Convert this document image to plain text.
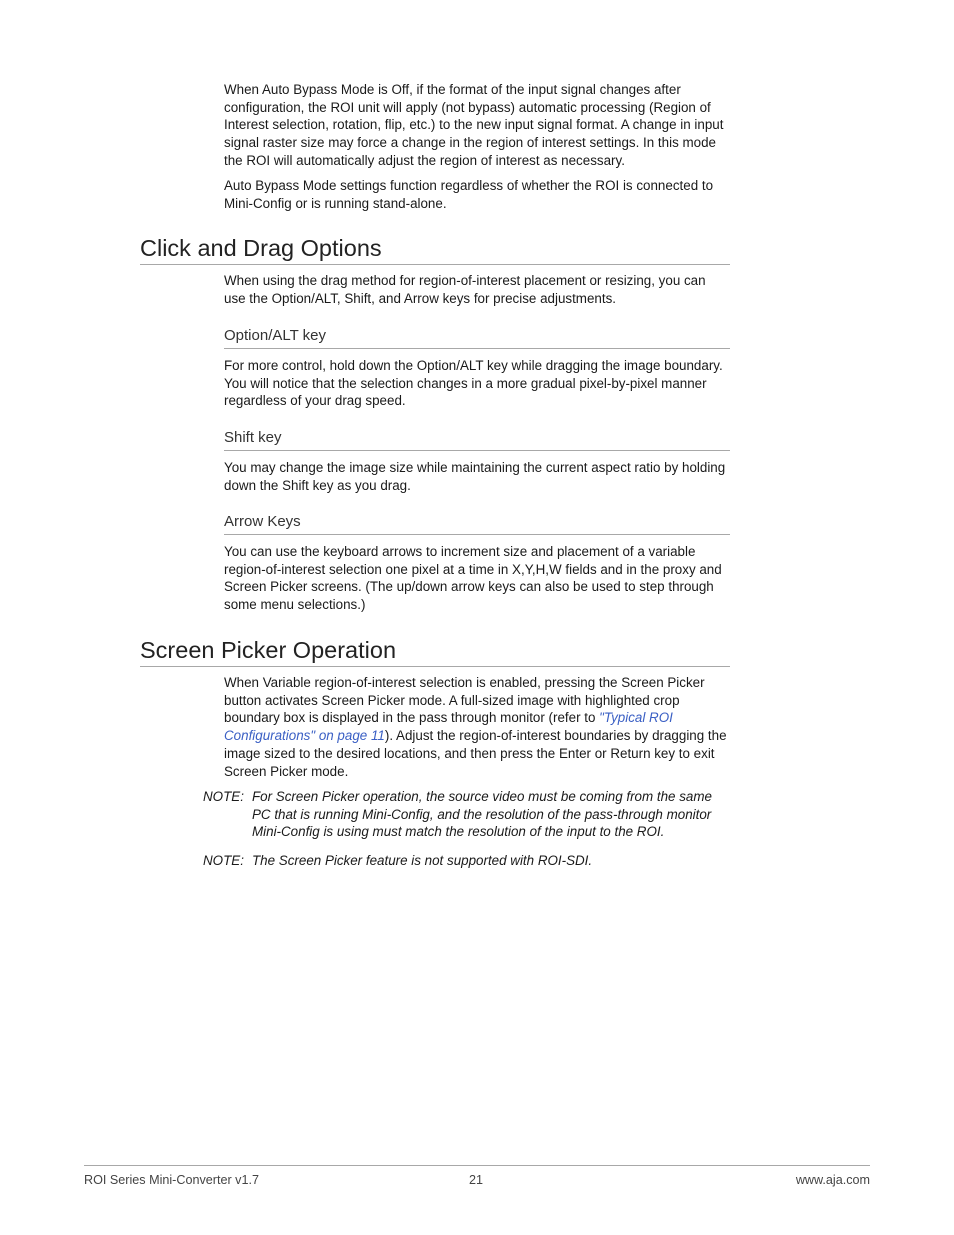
When Auto Bypass Mode is Off, if the format of the input signal changes after configuration, the ROI unit will apply (not bypass) automatic processing (Region of Interest selection, rotation, flip, etc.) to the new input signal format. A change in input signal raster size may force a change in the region of interest settings. In this mode the ROI will automatically adjust the region of interest as necessary.

Auto Bypass Mode settings function regardless of whether the ROI is connected to Mini-Config or is running stand-alone.

Click and Drag Options

When using the drag method for region-of-interest placement or resizing, you can use the Option/ALT, Shift, and Arrow keys for precise adjustments.

Option/ALT key

For more control, hold down the Option/ALT key while dragging the image boundary. You will notice that the selection changes in a more gradual pixel-by-pixel manner regardless of your drag speed.

Shift key

You may change the image size while maintaining the current aspect ratio by holding down the Shift key as you drag.

Arrow Keys

You can use the keyboard arrows to increment size and placement of a variable region-of-interest selection one pixel at a time in X,Y,H,W fields and in the proxy and Screen Picker screens. (The up/down arrow keys can also be used to step through some menu selections.)

Screen Picker Operation

When Variable region-of-interest selection is enabled, pressing the Screen Picker button activates Screen Picker mode. A full-sized image with highlighted crop boundary box is displayed in the pass through monitor (refer to "Typical ROI Configurations" on page 11). Adjust the region-of-interest boundaries by dragging the image sized to the desired locations, and then press the Enter or Return key to exit Screen Picker mode.

NOTE: For Screen Picker operation, the source video must be coming from the same PC that is running Mini-Config, and the resolution of the pass-through monitor Mini-Config is using must match the resolution of the input to the ROI.
NOTE: The Screen Picker feature is not supported with ROI-SDI.
ROI Series Mini-Converter v1.7	21	www.aja.com
